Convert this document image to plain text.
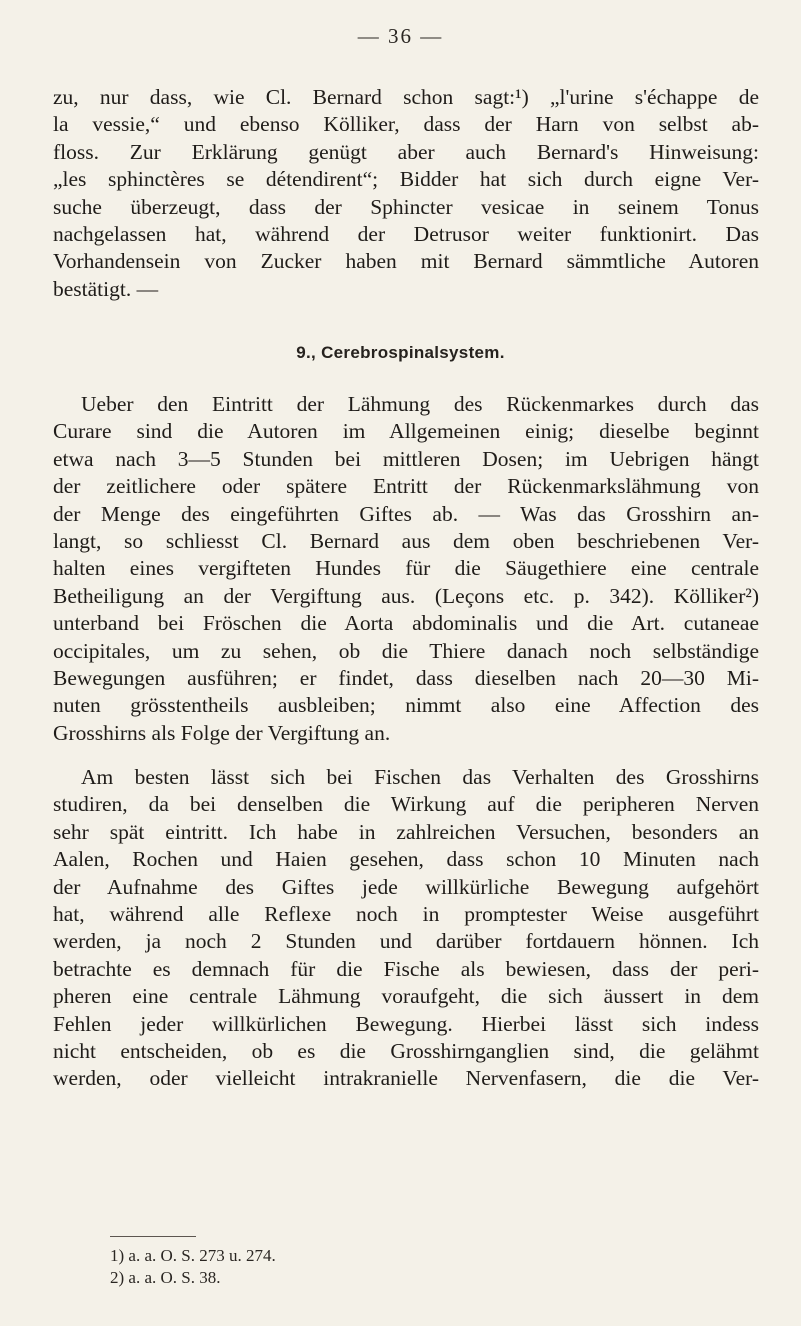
— 36 —
zu, nur dass, wie Cl. Bernard schon sagt:¹) „l'urine s'échappe de
la vessie,“ und ebenso Kölliker, dass der Harn von selbst ab-
floss. Zur Erklärung genügt aber auch Bernard's Hinweisung:
„les sphinctères se détendirent“; Bidder hat sich durch eigne Ver-
suche überzeugt, dass der Sphincter vesicae in seinem Tonus
nachgelassen hat, während der Detrusor weiter funktionirt. Das
Vorhandensein von Zucker haben mit Bernard sämmtliche Autoren
bestätigt. —
9., Cerebrospinalsystem.
Ueber den Eintritt der Lähmung des Rückenmarkes durch das
Curare sind die Autoren im Allgemeinen einig; dieselbe beginnt
etwa nach 3—5 Stunden bei mittleren Dosen; im Uebrigen hängt
der zeitlichere oder spätere Entritt der Rückenmarkslähmung von
der Menge des eingeführten Giftes ab. — Was das Grosshirn an-
langt, so schliesst Cl. Bernard aus dem oben beschriebenen Ver-
halten eines vergifteten Hundes für die Säugethiere eine centrale
Betheiligung an der Vergiftung aus. (Leçons etc. p. 342). Kölliker²)
unterband bei Fröschen die Aorta abdominalis und die Art. cutaneae
occipitales, um zu sehen, ob die Thiere danach noch selbständige
Bewegungen ausführen; er findet, dass dieselben nach 20—30 Mi-
nuten grösstentheils ausbleiben; nimmt also eine Affection des
Grosshirns als Folge der Vergiftung an.
Am besten lässt sich bei Fischen das Verhalten des Grosshirns
studiren, da bei denselben die Wirkung auf die peripheren Nerven
sehr spät eintritt. Ich habe in zahlreichen Versuchen, besonders an
Aalen, Rochen und Haien gesehen, dass schon 10 Minuten nach
der Aufnahme des Giftes jede willkürliche Bewegung aufgehört
hat, während alle Reflexe noch in promptester Weise ausgeführt
werden, ja noch 2 Stunden und darüber fortdauern hönnen. Ich
betrachte es demnach für die Fische als bewiesen, dass der peri-
pheren eine centrale Lähmung voraufgeht, die sich äussert in dem
Fehlen jeder willkürlichen Bewegung. Hierbei lässt sich indess
nicht entscheiden, ob es die Grosshirnganglien sind, die gelähmt
werden, oder vielleicht intrakranielle Nervenfasern, die die Ver-
1) a. a. O. S. 273 u. 274.
2) a. a. O. S. 38.
